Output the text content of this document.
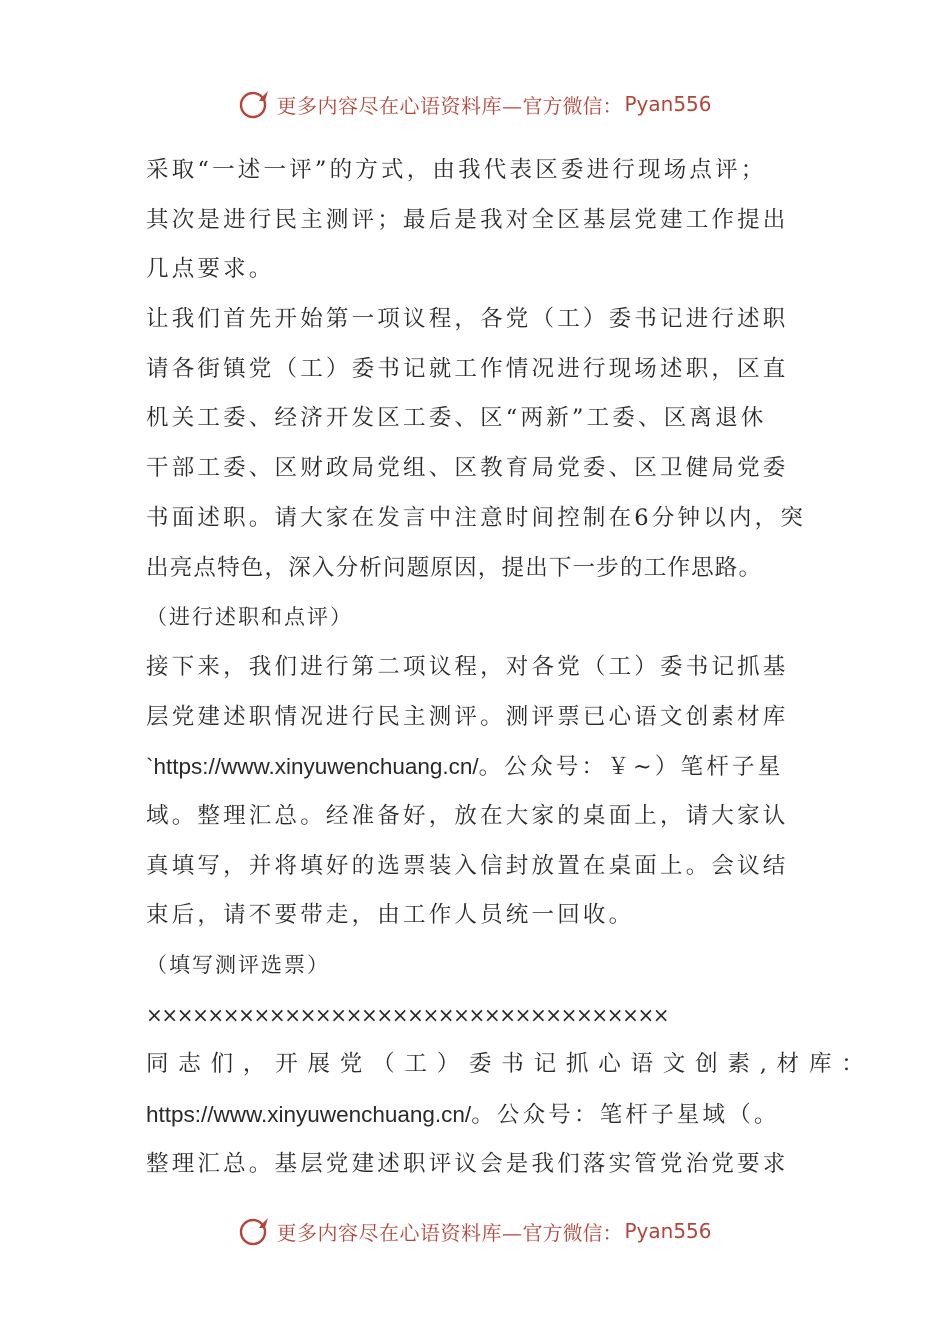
更多内容尽在心语资料库— 官方微信： Pyan556
采取“一述一评”的方式，由我代表区委进行现场点评；
其次是进行民主测评；最后是我对全区基层党建工作提出
几点要求。
让我们首先开始第一项议程，各党（工）委书记进行述职
请各街镇党（工）委书记就工作情况进行现场述职，区直
机关工委、经济开发区工委、区“两新”工委、区离退休
干部工委、区财政局党组、区教育局党委、区卫健局党委
书面述职。请大家在发言中注意时间控制在6分钟以内，突
出亮点特色，深入分析问题原因，提出下一步的工作思路。
（进行述职和点评）
接下来，我们进行第二项议程，对各党（工）委书记抓基
层党建述职情况进行民主测评。测评票已心语文创素材库
`https://www.xinyuwenchuang.cn/。公众号：￥~）笔杆子星
域。整理汇总。经准备好，放在大家的桌面上，请大家认
真填写，并将填好的选票装入信封放置在桌面上。会议结
束后，请不要带走，由工作人员统一回收。
（填写测评选票）
××××××××××××××××××××××××××××××××××
同志们，开展党（工）委书记抓心语文创素,材库：
https://www.xinyuwenchuang.cn/。公众号：笔杆子星域（。
整理汇总。基层党建述职评议会是我们落实管党治党要求
更多内容尽在心语资料库— 官方微信： Pyan556
